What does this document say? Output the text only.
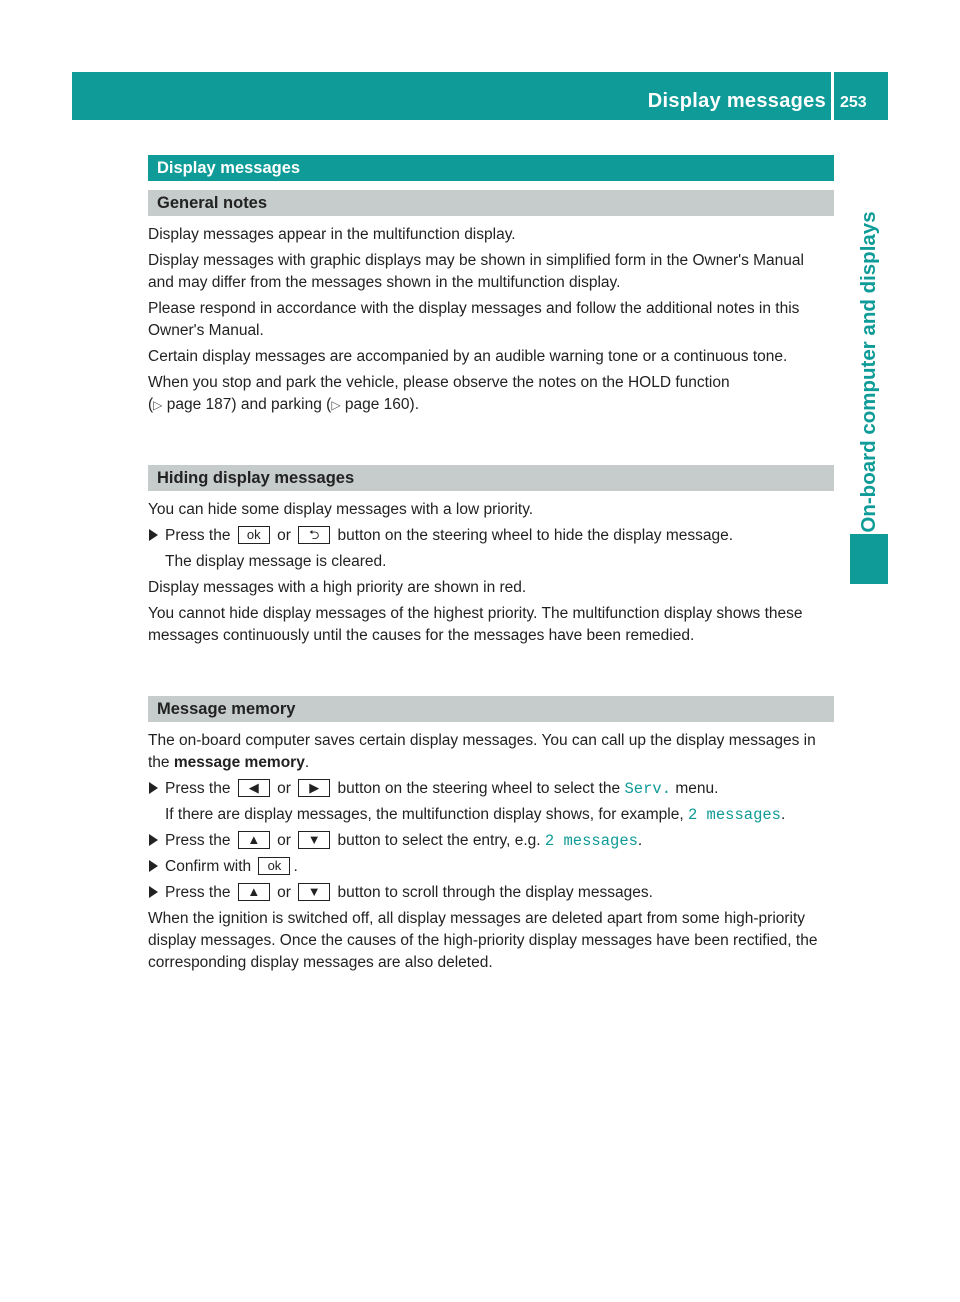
Display messages 253
On-board computer and displays
Display messages
General notes

Display messages appear in the multifunction display.

Display messages with graphic displays may be shown in simplified form in the Owner's Manual and may differ from the messages shown in the multifunction display.

Please respond in accordance with the display messages and follow the additional notes in this Owner's Manual.

Certain display messages are accompanied by an audible warning tone or a continuous tone.

When you stop and park the vehicle, please observe the notes on the HOLD function
(▷ page 187) and parking (▷ page 160).

Hiding display messages

You can hide some display messages with a low priority.

Press the ok or ⮌ button on the steering wheel to hide the display message.

The display message is cleared.

Display messages with a high priority are shown in red.

You cannot hide display messages of the highest priority. The multifunction display shows these messages continuously until the causes for the messages have been remedied.

Message memory

The on-board computer saves certain display messages. You can call up the display messages in the message memory.

Press the ◀ or ▶ button on the steering wheel to select the Serv. menu.

If there are display messages, the multifunction display shows, for example, 2 messages.

Press the ▲ or ▼ button to select the entry, e.g. 2 messages.

Confirm with ok .

Press the ▲ or ▼ button to scroll through the display messages.

When the ignition is switched off, all display messages are deleted apart from some high-priority display messages. Once the causes of the high-priority display messages have been rectified, the corresponding display messages are also deleted.
